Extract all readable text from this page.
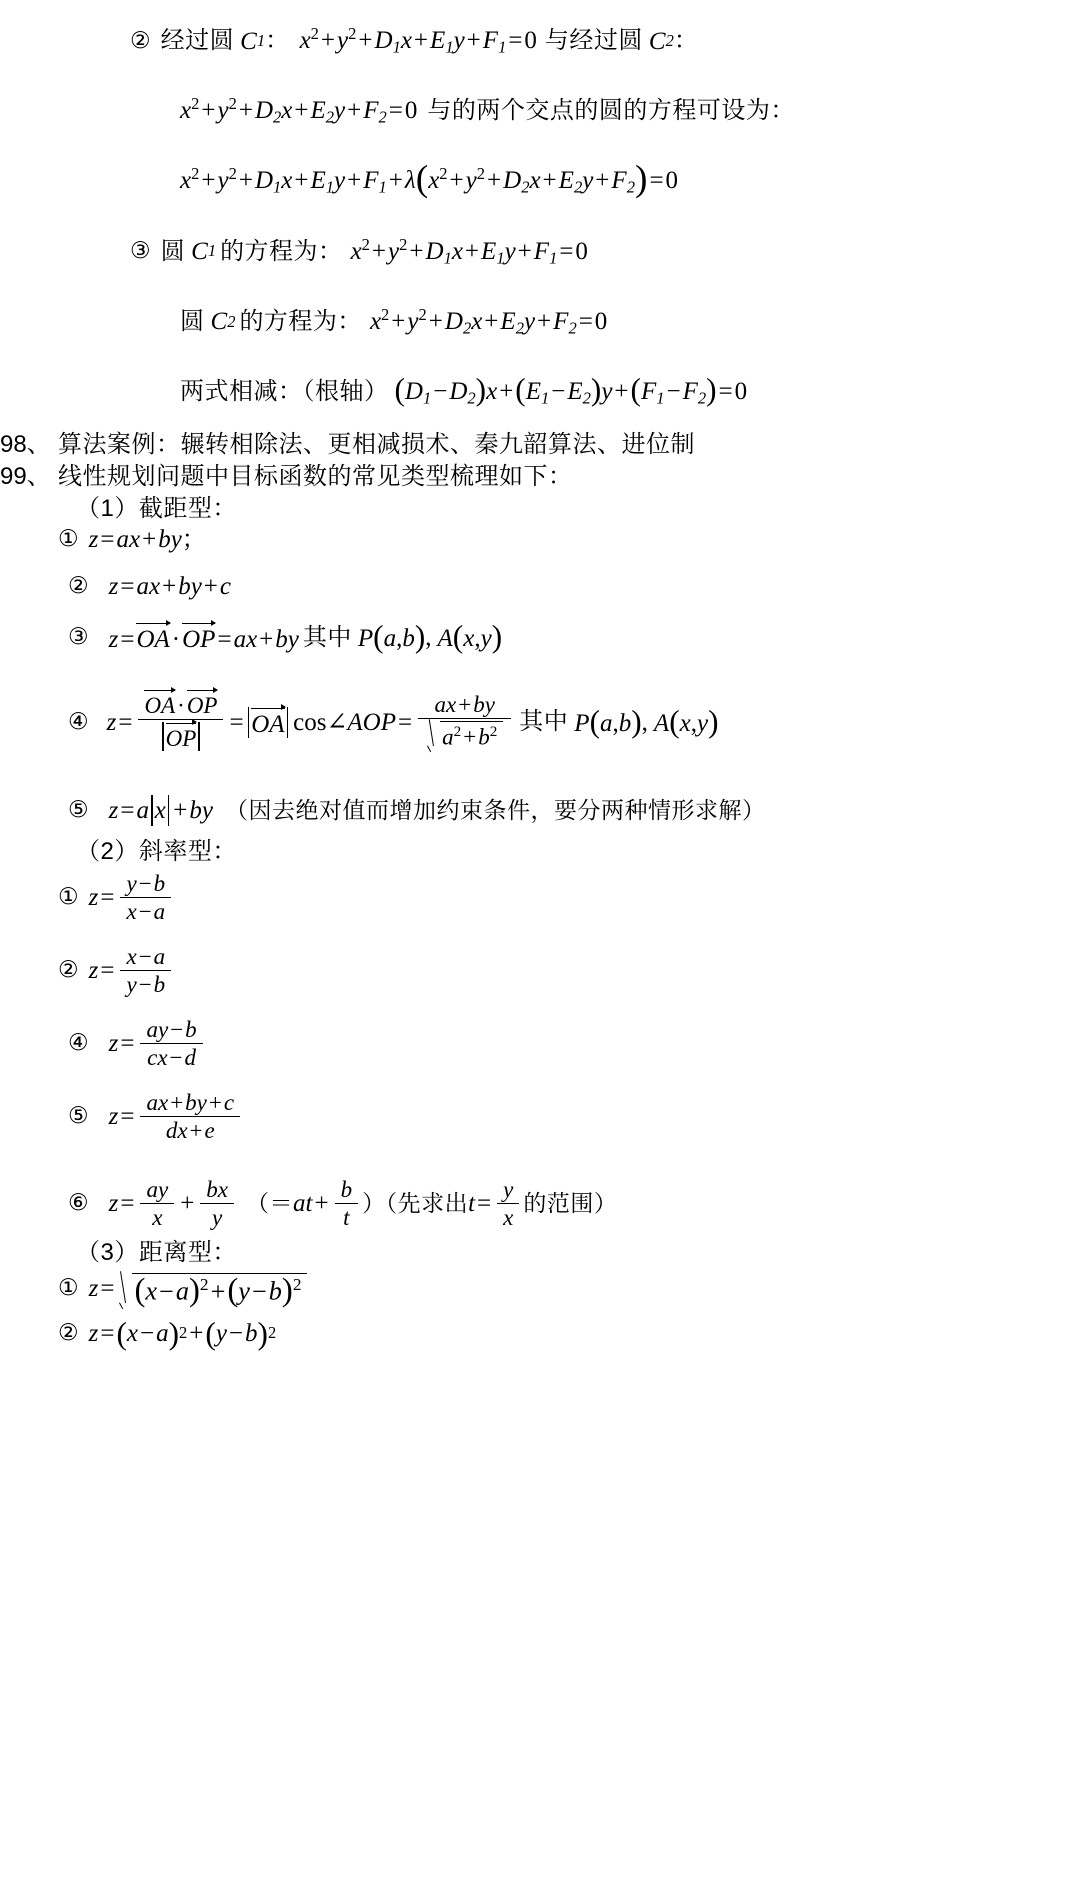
② 经过圆 C 1 ： $x^2+y^2+D_1x+E_1y+F_1=0$ 与经过圆 C 2 ：
$x^2+y^2+D_2x+E_2y+F_2=0$ 与的两个交点的圆的方程可设为：
$x^2+y^2+D_1x+E_1y+F_1+\lambda(x^2+y^2+D_2x+E_2y+F_2)=0$
③ 圆 C 1 的方程为： $x^2+y^2+D_1x+E_1y+F_1=0$
圆 C 2 的方程为： $x^2+y^2+D_2x+E_2y+F_2=0$
两式相减：（根轴） $(D_1-D_2)x+(E_1-E_2)y+(F_1-F_2)=0$
98、 算法案例：辗转相除法、更相减损术、秦九韶算法、进位制
99、 线性规划问题中目标函数的常见类型梳理如下：
（1）截距型：
① z=ax+by ；
② z=ax+by+c
③ z=OA·OP=ax+by 其中 P(a,b) , A(x,y)
④ $z = \frac{OA\cdot OP}{OP}$ = OA cos ∠ AOP = $\frac{ax+by}{a^2+b^2}$ 其中 P(a,b) , A(x,y)
⑤ z = a x + b y （因去绝对值而增加约束条件，要分两种情形求解）
（2）斜率型：
① $z = \frac{y-b}{x-a}$
② $z = \frac{x-a}{y-b}$
④ $z = \frac{ay-b}{cx-d}$
⑤ $z = \frac{ax+by+c}{dx+e}$
⑥ $z = \frac{ay}{x} + \frac{bx}{y}$ （＝ a $t + \frac{b}{t}$ ）（先求出 $t = \frac{y}{x}$ 的范围）
（3）距离型：
① $z = (x-a)^2+(y-b)^2$
② z = ( x − a ) 2 + ( y − b ) 2
